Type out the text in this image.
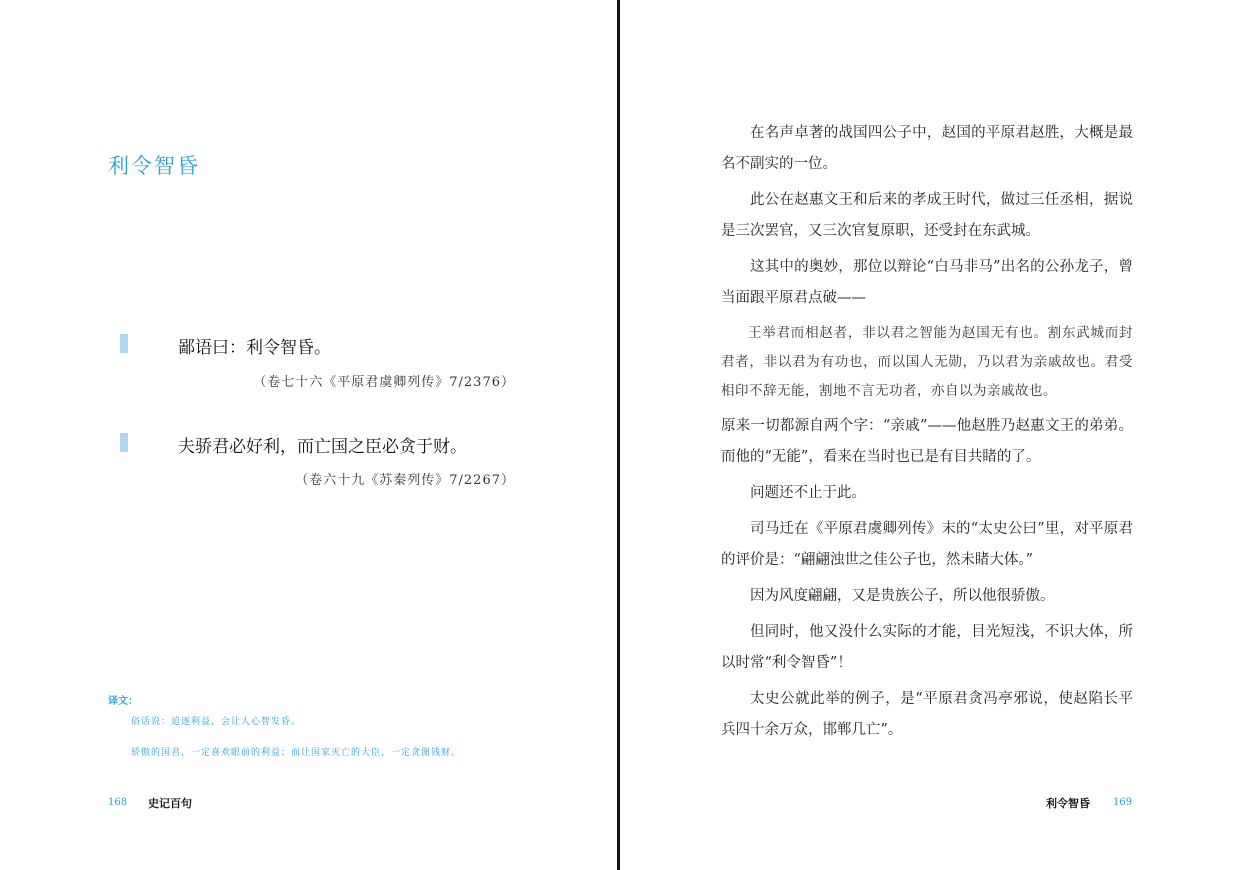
利令智昏
鄙语曰：利令智昏。
（卷七十六《平原君虞卿列传》7/2376）
夫骄君必好利，而亡国之臣必贪于财。
（卷六十九《苏秦列传》7/2267）
译文：
俗话说：追逐利益，会让人心智发昏。
骄傲的国君，一定喜欢眼前的利益；而让国家灭亡的大臣，一定贪图钱财。
168 史记百句

在名声卓著的战国四公子中，赵国的平原君赵胜，大概是最名不副实的一位。

此公在赵惠文王和后来的孝成王时代，做过三任丞相，据说是三次罢官，又三次官复原职，还受封在东武城。

这其中的奥妙，那位以辩论“白马非马”出名的公孙龙子，曾当面跟平原君点破——

王举君而相赵者，非以君之智能为赵国无有也。割东武城而封君者，非以君为有功也，而以国人无勋，乃以君为亲戚故也。君受相印不辞无能，割地不言无功者，亦自以为亲戚故也。

原来一切都源自两个字：“亲戚”——他赵胜乃赵惠文王的弟弟。而他的“无能”，看来在当时也已是有目共睹的了。

问题还不止于此。

司马迁在《平原君虞卿列传》末的“太史公曰”里，对平原君的评价是：“翩翩浊世之佳公子也，然未睹大体。”

因为风度翩翩，又是贵族公子，所以他很骄傲。

但同时，他又没什么实际的才能，目光短浅，不识大体，所以时常“利令智昏”！

太史公就此举的例子，是“平原君贪冯亭邪说，使赵陷长平兵四十余万众，邯郸几亡”。

利令智昏 169
